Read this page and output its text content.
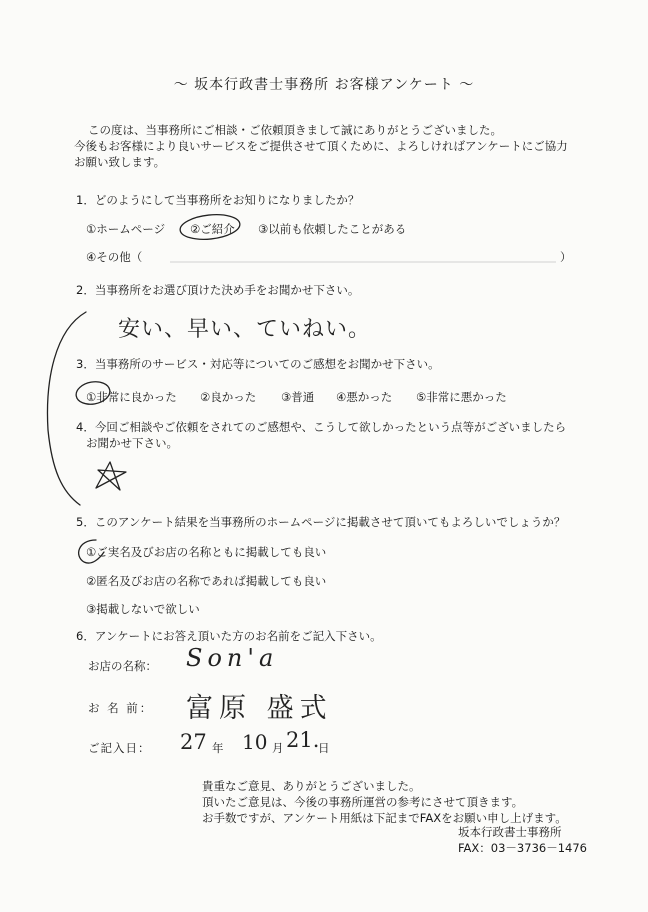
～ 坂本行政書士事務所 お客様アンケート ～
この度は、当事務所にご相談・ご依頼頂きまして誠にありがとうございました。
今後もお客様により良いサービスをご提供させて頂くために、よろしければアンケートにご協力
お願い致します。
1．どのようにして当事務所をお知りになりましたか？
①ホームページ ②ご紹介 ③以前も依頼したことがある
④その他（	）
2．当事務所をお選び頂けた決め手をお聞かせ下さい。
安い、早い、ていねい。
3．当事務所のサービス・対応等についてのご感想をお聞かせ下さい。
①非常に良かった ②良かった ③普通 ④悪かった ⑤非常に悪かった
4．今回ご相談やご依頼をされてのご感想や、こうして欲しかったという点等がございましたら
お聞かせ下さい。
5．このアンケート結果を当事務所のホームページに掲載させて頂いてもよろしいでしょうか？
①ご実名及びお店の名称ともに掲載しても良い
②匿名及びお店の名称であれば掲載しても良い
③掲載しないで欲しい
6．アンケートにお答え頂いた方のお名前をご記入下さい。
お店の名称： Son'a
お 名 前： 富原 盛式
ご記入日： 27 年 10 月 21.
日
貴重なご意見、ありがとうございました。
頂いたご意見は、今後の事務所運営の参考にさせて頂きます。
お手数ですが、アンケート用紙は下記までFAXをお願い申し上げます。
坂本行政書士事務所
FAX：03－3736－1476
